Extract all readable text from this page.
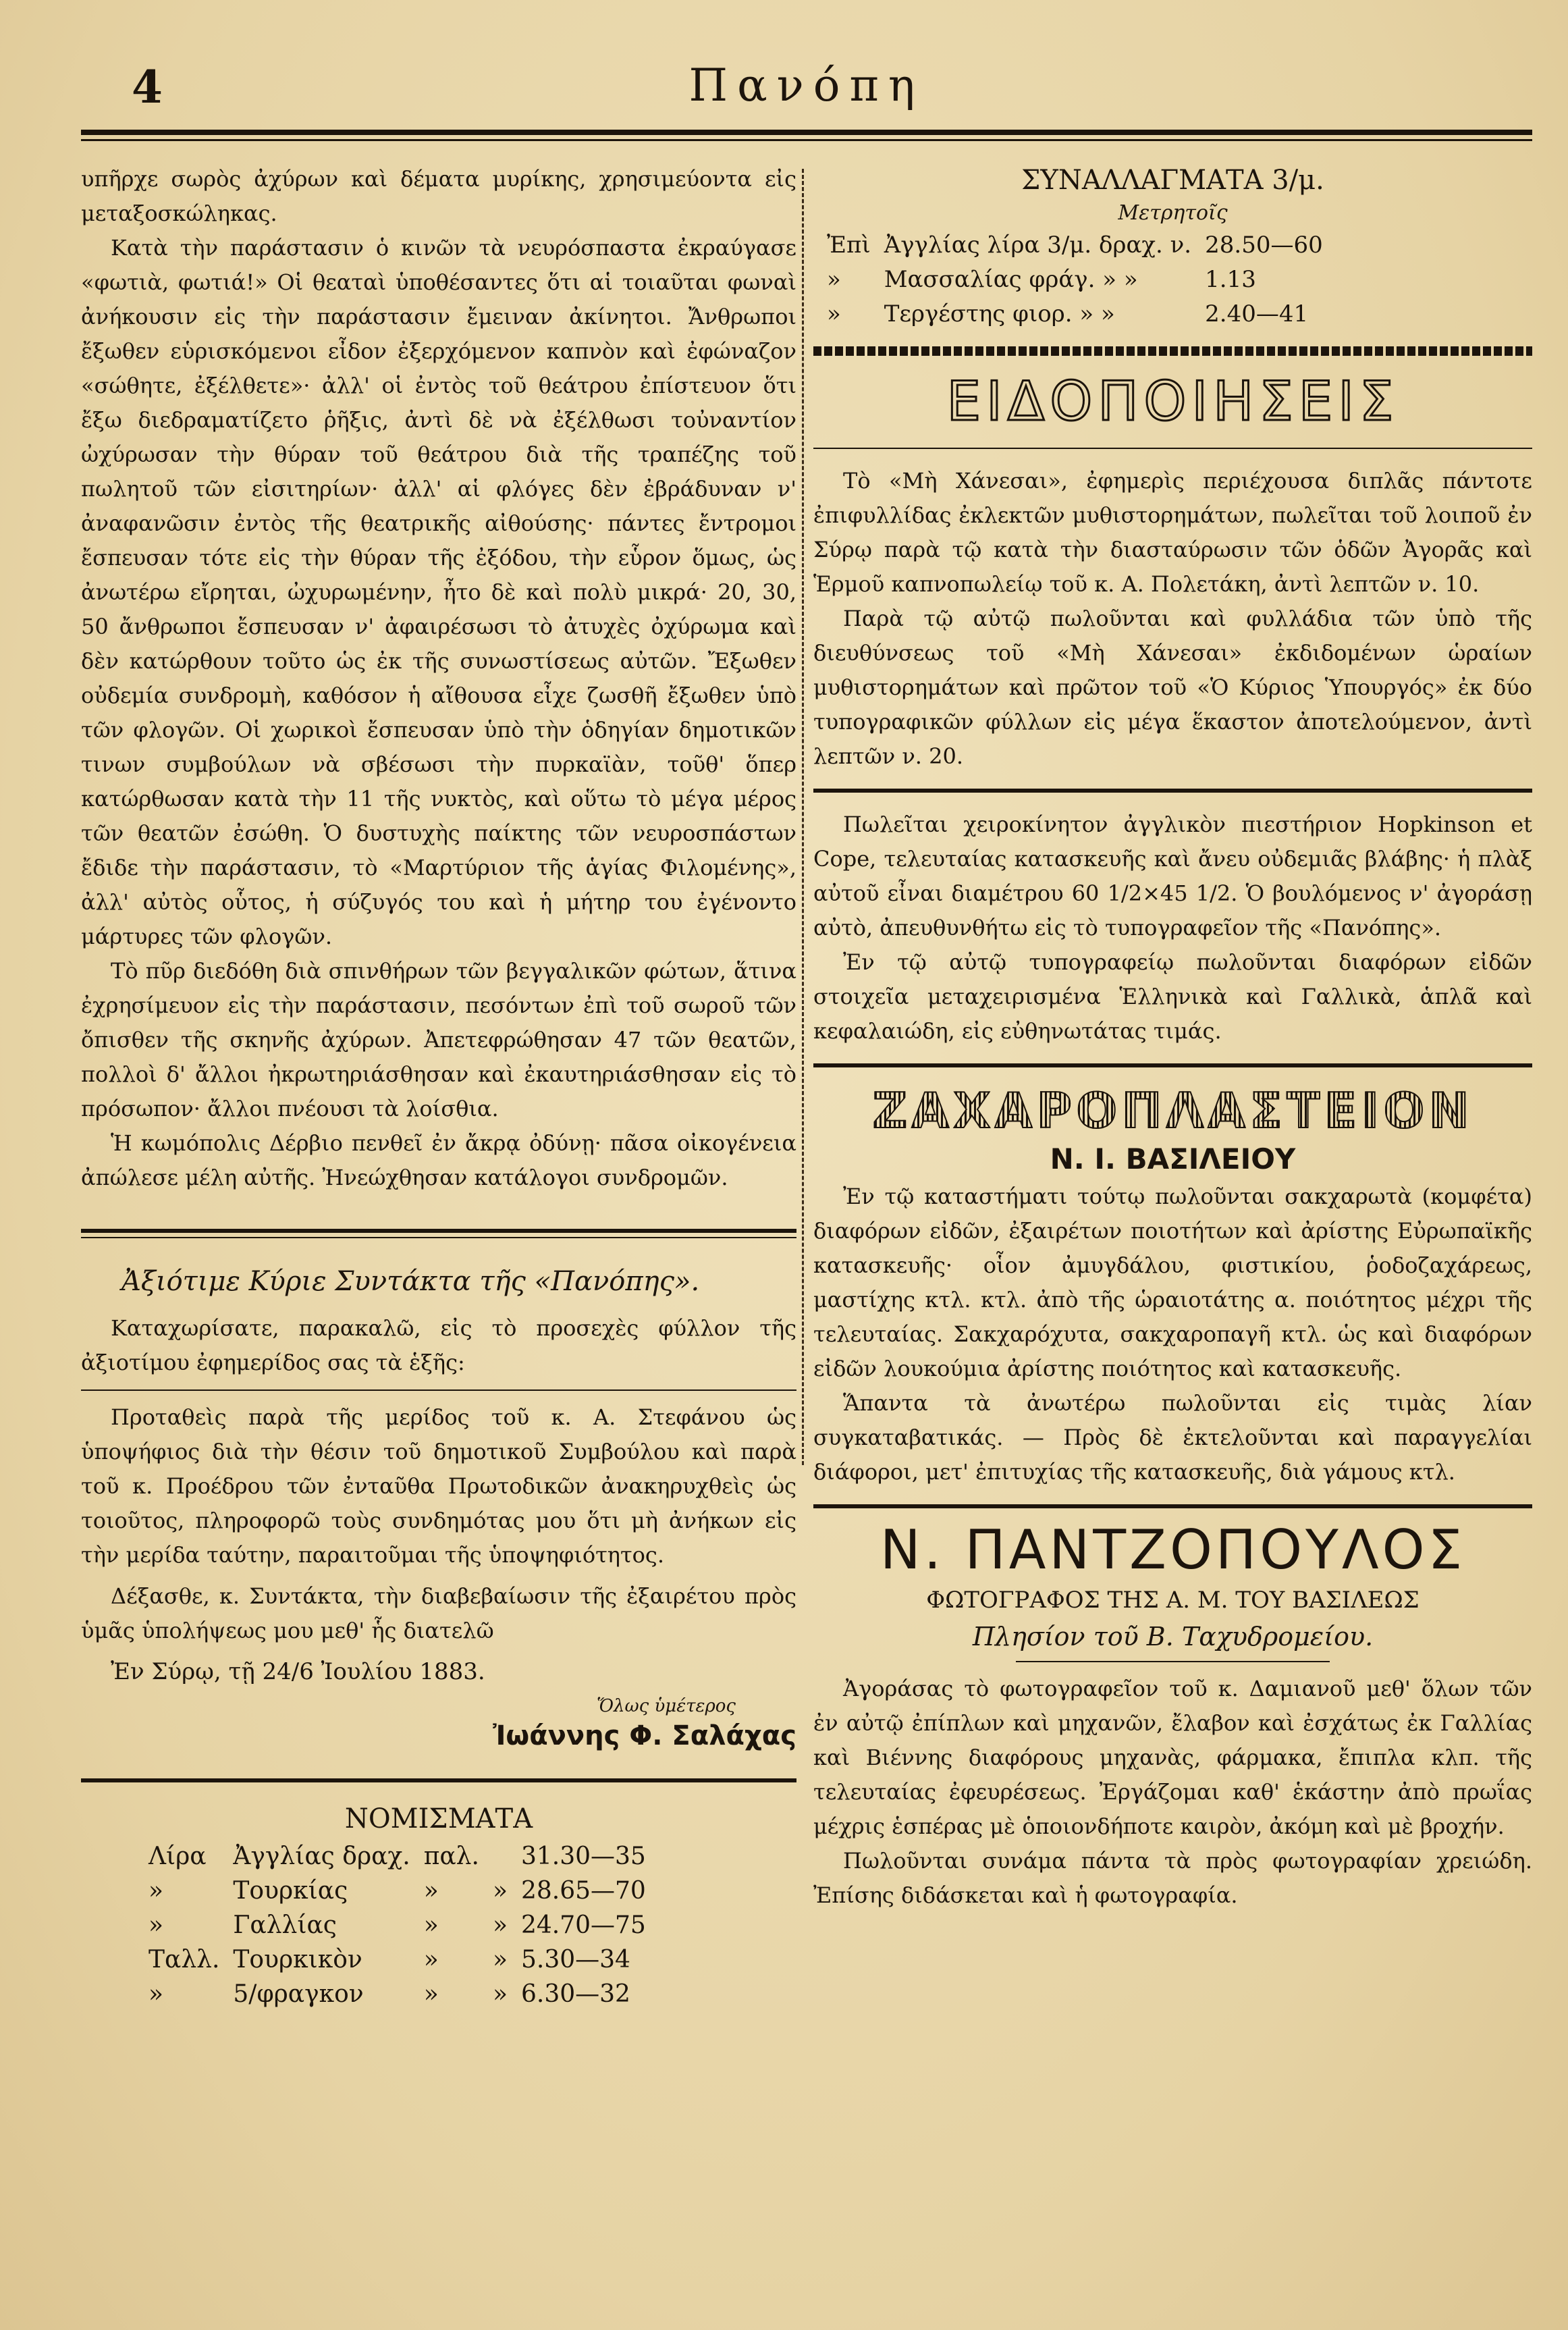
4	Πανόπη

υπῆρχε σωρὸς ἀχύρων καὶ δέματα μυρίκης, χρησιμεύοντα εἰς μεταξοσκώληκας.

Κατὰ τὴν παράστασιν ὁ κινῶν τὰ νευρόσπαστα ἐκραύγασε «φωτιὰ, φωτιά!» Οἱ θεαταὶ ὑποθέσαντες ὅτι αἱ τοιαῦται φωναὶ ἀνήκουσιν εἰς τὴν παράστασιν ἔμειναν ἀκίνητοι. Ἄνθρωποι ἔξωθεν εὑρισκόμενοι εἶδον ἐξερχόμενον καπνὸν καὶ ἐφώναζον «σώθητε, ἐξέλθετε»· ἀλλ' οἱ ἐντὸς τοῦ θεάτρου ἐπίστευον ὅτι ἔξω διεδραματίζετο ῥῆξις, ἀντὶ δὲ νὰ ἐξέλθωσι τοὐναντίον ὠχύρωσαν τὴν θύραν τοῦ θεάτρου διὰ τῆς τραπέζης τοῦ πωλητοῦ τῶν εἰσιτηρίων· ἀλλ' αἱ φλόγες δὲν ἐβράδυναν ν' ἀναφανῶσιν ἐντὸς τῆς θεατρικῆς αἰθούσης· πάντες ἔντρομοι ἔσπευσαν τότε εἰς τὴν θύραν τῆς ἐξόδου, τὴν εὗρον ὅμως, ὡς ἀνωτέρω εἴρηται, ὠχυρωμένην, ἦτο δὲ καὶ πολὺ μικρά· 20, 30, 50 ἄνθρωποι ἔσπευσαν ν' ἀφαιρέσωσι τὸ ἀτυχὲς ὀχύρωμα καὶ δὲν κατώρθουν τοῦτο ὡς ἐκ τῆς συνωστίσεως αὐτῶν. Ἔξωθεν οὐδεμία συνδρομὴ, καθόσον ἡ αἴθουσα εἶχε ζωσθῆ ἔξωθεν ὑπὸ τῶν φλογῶν. Οἱ χωρικοὶ ἔσπευσαν ὑπὸ τὴν ὁδηγίαν δημοτικῶν τινων συμβούλων νὰ σβέσωσι τὴν πυρκαϊὰν, τοῦθ' ὅπερ κατώρθωσαν κατὰ τὴν 11 τῆς νυκτὸς, καὶ οὕτω τὸ μέγα μέρος τῶν θεατῶν ἐσώθη. Ὁ δυστυχὴς παίκτης τῶν νευροσπάστων ἔδιδε τὴν παράστασιν, τὸ «Μαρτύριον τῆς ἁγίας Φιλομένης», ἀλλ' αὐτὸς οὗτος, ἡ σύζυγός του καὶ ἡ μήτηρ του ἐγένοντο μάρτυρες τῶν φλογῶν.

Τὸ πῦρ διεδόθη διὰ σπινθήρων τῶν βεγγαλικῶν φώτων, ἅτινα ἐχρησίμευον εἰς τὴν παράστασιν, πεσόντων ἐπὶ τοῦ σωροῦ τῶν ὄπισθεν τῆς σκηνῆς ἀχύρων. Ἀπετεφρώθησαν 47 τῶν θεατῶν, πολλοὶ δ' ἄλλοι ἠκρωτηριάσθησαν καὶ ἐκαυτηριάσθησαν εἰς τὸ πρόσωπον· ἄλλοι πνέουσι τὰ λοίσθια.

Ἡ κωμόπολις Δέρβιο πενθεῖ ἐν ἄκρᾳ ὀδύνῃ· πᾶσα οἰκογένεια ἀπώλεσε μέλη αὐτῆς. Ἠνεώχθησαν κατάλογοι συνδρομῶν.

Ἀξιότιμε Κύριε Συντάκτα τῆς «Πανόπης».

Καταχωρίσατε, παρακαλῶ, εἰς τὸ προσεχὲς φύλλον τῆς ἀξιοτίμου ἐφημερίδος σας τὰ ἑξῆς:

Προταθεὶς παρὰ τῆς μερίδος τοῦ κ. Α. Στεφάνου ὡς ὑποψήφιος διὰ τὴν θέσιν τοῦ δημοτικοῦ Συμβούλου καὶ παρὰ τοῦ κ. Προέδρου τῶν ἐνταῦθα Πρωτοδικῶν ἀνακηρυχθεὶς ὡς τοιοῦτος, πληροφορῶ τοὺς συνδημότας μου ὅτι μὴ ἀνήκων εἰς τὴν μερίδα ταύτην, παραιτοῦμαι τῆς ὑποψηφιότητος.

Δέξασθε, κ. Συντάκτα, τὴν διαβεβαίωσιν τῆς ἐξαιρέτου πρὸς ὑμᾶς ὑπολήψεως μου μεθ' ἧς διατελῶ

Ἐν Σύρῳ, τῇ 24/6 Ἰουλίου 1883.

Ὅλως ὑμέτερος

Ἰωάννης Φ. Σαλάχας

ΝΟΜΙΣΜΑΤΑ

Λίρα	Ἀγγλίας δραχ.	παλ.		31.30—35
»	Τουρκίας	»	»	28.65—70
»	Γαλλίας	»	»	24.70—75
Ταλλ.	Τουρκικὸν	»	»	5.30—34
»	5/φραγκον	»	»	6.30—32

ΣΥΝΑΛΛΑΓΜΑΤΑ 3/μ.

Μετρητοῖς

Ἐπὶ	Ἀγγλίας λίρα 3/μ. δραχ. ν.	28.50—60
»	Μασσαλίας φράγ. » »	1.13
»	Τεργέστης φιορ. » »	2.40—41

ΕΙΔΟΠΟΙΗΣΕΙΣ

Τὸ «Μὴ Χάνεσαι», ἐφημερὶς περιέχουσα διπλᾶς πάντοτε ἐπιφυλλίδας ἐκλεκτῶν μυθιστορημάτων, πωλεῖται τοῦ λοιποῦ ἐν Σύρῳ παρὰ τῷ κατὰ τὴν διασταύρωσιν τῶν ὁδῶν Ἀγορᾶς καὶ Ἑρμοῦ καπνοπωλείῳ τοῦ κ. Α. Πολετάκη, ἀντὶ λεπτῶν ν. 10.

Παρὰ τῷ αὐτῷ πωλοῦνται καὶ φυλλάδια τῶν ὑπὸ τῆς διευθύνσεως τοῦ «Μὴ Χάνεσαι» ἐκδιδομένων ὡραίων μυθιστορημάτων καὶ πρῶτον τοῦ «Ὁ Κύριος Ὑπουργός» ἐκ δύο τυπογραφικῶν φύλλων εἰς μέγα ἕκαστον ἀποτελούμενον, ἀντὶ λεπτῶν ν. 20.

Πωλεῖται χειροκίνητον ἀγγλικὸν πιεστήριον Hopkinson et Cope, τελευταίας κατασκευῆς καὶ ἄνευ οὐδεμιᾶς βλάβης· ἡ πλὰξ αὐτοῦ εἶναι διαμέτρου 60 1/2×45 1/2. Ὁ βουλόμενος ν' ἀγοράσῃ αὐτὸ, ἀπευθυνθήτω εἰς τὸ τυπογραφεῖον τῆς «Πανόπης».

Ἐν τῷ αὐτῷ τυπογραφείῳ πωλοῦνται διαφόρων εἰδῶν στοιχεῖα μεταχειρισμένα Ἑλληνικὰ καὶ Γαλλικὰ, ἁπλᾶ καὶ κεφαλαιώδη, εἰς εὐθηνωτάτας τιμάς.

ΖΑΧΑΡΟΠΛΑΣΤΕΙΟΝ

Ν. Ι. ΒΑΣΙΛΕΙΟΥ

Ἐν τῷ καταστήματι τούτῳ πωλοῦνται σακχαρωτὰ (κομφέτα) διαφόρων εἰδῶν, ἐξαιρέτων ποιοτήτων καὶ ἀρίστης Εὐρωπαϊκῆς κατασκευῆς· οἷον ἀμυγδάλου, φιστικίου, ῥοδοζαχάρεως, μαστίχης κτλ. κτλ. ἀπὸ τῆς ὡραιοτάτης α. ποιότητος μέχρι τῆς τελευταίας. Σακχαρόχυτα, σακχαροπαγῆ κτλ. ὡς καὶ διαφόρων εἰδῶν λουκούμια ἀρίστης ποιότητος καὶ κατασκευῆς.

Ἅπαντα τὰ ἀνωτέρω πωλοῦνται εἰς τιμὰς λίαν συγκαταβατικάς. — Πρὸς δὲ ἐκτελοῦνται καὶ παραγγελίαι διάφοροι, μετ' ἐπιτυχίας τῆς κατασκευῆς, διὰ γάμους κτλ.

Ν. ΠΑΝΤΖΟΠΟΥΛΟΣ

ΦΩΤΟΓΡΑΦΟΣ ΤΗΣ Α. Μ. ΤΟΥ ΒΑΣΙΛΕΩΣ

Πλησίον τοῦ Β. Ταχυδρομείου.

Ἀγοράσας τὸ φωτογραφεῖον τοῦ κ. Δαμιανοῦ μεθ' ὅλων τῶν ἐν αὐτῷ ἐπίπλων καὶ μηχανῶν, ἔλαβον καὶ ἐσχάτως ἐκ Γαλλίας καὶ Βιέννης διαφόρους μηχανὰς, φάρμακα, ἔπιπλα κλπ. τῆς τελευταίας ἐφευρέσεως. Ἐργάζομαι καθ' ἑκάστην ἀπὸ πρωΐας μέχρις ἑσπέρας μὲ ὁποιονδήποτε καιρὸν, ἀκόμη καὶ μὲ βροχήν.

Πωλοῦνται συνάμα πάντα τὰ πρὸς φωτογραφίαν χρειώδη. Ἐπίσης διδάσκεται καὶ ἡ φωτογραφία.
